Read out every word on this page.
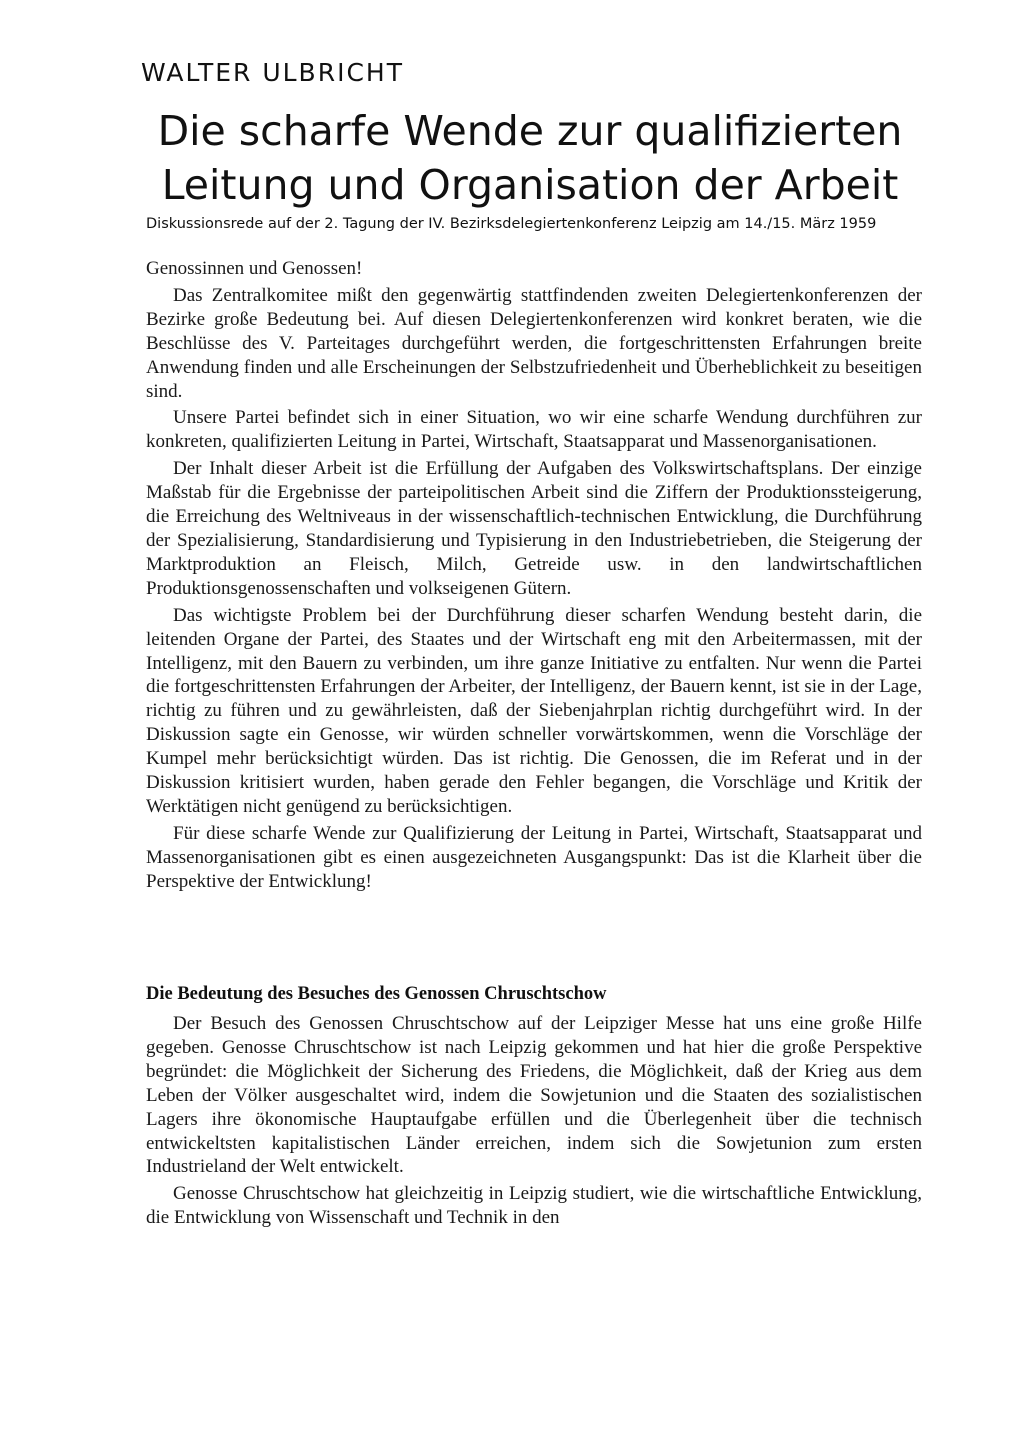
WALTER ULBRICHT
Die scharfe Wende zur qualifizierten
Leitung und Organisation der Arbeit
Diskussionsrede auf der 2. Tagung der IV. Bezirksdelegiertenkonferenz Leipzig am 14./15. März 1959

Genossinnen und Genossen!

Das Zentralkomitee mißt den gegenwärtig stattfindenden zweiten Delegiertenkonferenzen der Bezirke große Bedeutung bei. Auf diesen Delegiertenkonferenzen wird konkret beraten, wie die Beschlüsse des V. Parteitages durchgeführt werden, die fortgeschrittensten Erfahrungen breite Anwendung finden und alle Erscheinungen der Selbstzufriedenheit und Überheblichkeit zu beseitigen sind.

Unsere Partei befindet sich in einer Situation, wo wir eine scharfe Wendung durchführen zur konkreten, qualifizierten Leitung in Partei, Wirtschaft, Staatsapparat und Massenorganisationen.

Der Inhalt dieser Arbeit ist die Erfüllung der Aufgaben des Volkswirtschaftsplans. Der einzige Maßstab für die Ergebnisse der parteipolitischen Arbeit sind die Ziffern der Produktionssteigerung, die Erreichung des Weltniveaus in der wissenschaftlich-technischen Entwicklung, die Durchführung der Spezialisierung, Standardisierung und Typisierung in den Industriebetrieben, die Steigerung der Marktproduktion an Fleisch, Milch, Getreide usw. in den landwirtschaftlichen Produktionsgenossenschaften und volkseigenen Gütern.

Das wichtigste Problem bei der Durchführung dieser scharfen Wendung besteht darin, die leitenden Organe der Partei, des Staates und der Wirtschaft eng mit den Arbeitermassen, mit der Intelligenz, mit den Bauern zu verbinden, um ihre ganze Initiative zu entfalten. Nur wenn die Partei die fortgeschrittensten Erfahrungen der Arbeiter, der Intelligenz, der Bauern kennt, ist sie in der Lage, richtig zu führen und zu gewährleisten, daß der Siebenjahrplan richtig durchgeführt wird. In der Diskussion sagte ein Genosse, wir würden schneller vorwärtskommen, wenn die Vorschläge der Kumpel mehr berücksichtigt würden. Das ist richtig. Die Genossen, die im Referat und in der Diskussion kritisiert wurden, haben gerade den Fehler begangen, die Vorschläge und Kritik der Werktätigen nicht genügend zu berücksichtigen.

Für diese scharfe Wende zur Qualifizierung der Leitung in Partei, Wirtschaft, Staatsapparat und Massenorganisationen gibt es einen ausgezeichneten Ausgangspunkt: Das ist die Klarheit über die Perspektive der Entwicklung!

Die Bedeutung des Besuches des Genossen Chruschtschow

Der Besuch des Genossen Chruschtschow auf der Leipziger Messe hat uns eine große Hilfe gegeben. Genosse Chruschtschow ist nach Leipzig gekommen und hat hier die große Perspektive begründet: die Möglichkeit der Sicherung des Friedens, die Möglichkeit, daß der Krieg aus dem Leben der Völker ausgeschaltet wird, indem die Sowjetunion und die Staaten des sozialistischen Lagers ihre ökonomische Hauptaufgabe erfüllen und die Überlegenheit über die technisch entwickeltsten kapitalistischen Länder erreichen, indem sich die Sowjetunion zum ersten Industrieland der Welt entwickelt.

Genosse Chruschtschow hat gleichzeitig in Leipzig studiert, wie die wirtschaftliche Entwicklung, die Entwicklung von Wissenschaft und Technik in den
